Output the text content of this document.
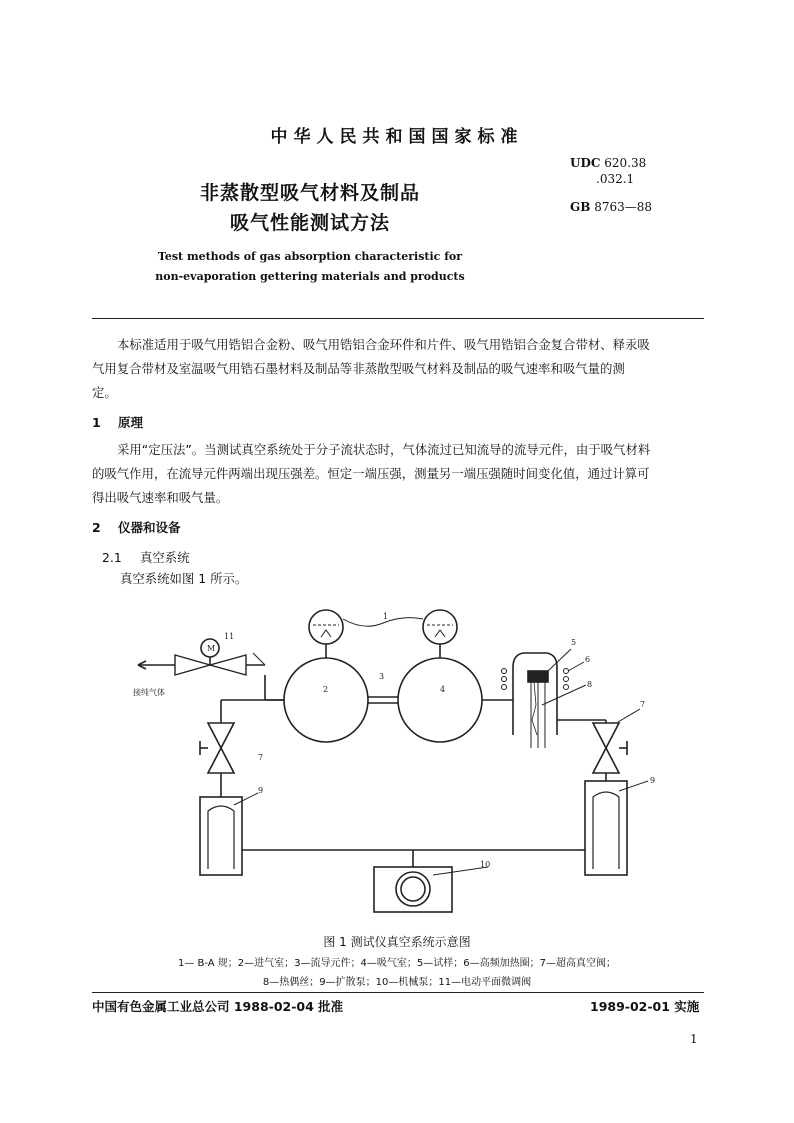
中华人民共和国国家标准
非蒸散型吸气材料及制品
吸气性能测试方法
Test methods of gas absorption characteristic for
non-evaporation gettering materials and products
UDC 620.38
.032.1
GB 8763—88
本标准适用于吸气用锆铝合金粉、吸气用锆铝合金环件和片件、吸气用锆铝合金复合带材、释汞吸
气用复合带材及室温吸气用锆石墨材料及制品等非蒸散型吸气材料及制品的吸气速率和吸气量的测
定。
1 原理
采用“定压法”。当测试真空系统处于分子流状态时，气体流过已知流导的流导元件，由于吸气材料
的吸气作用，在流导元件两端出现压强差。恒定一端压强，测量另一端压强随时间变化值，通过计算可
得出吸气速率和吸气量。
2 仪器和设备
2.1 真空系统
真空系统如图 1 所示。
1
2
3
4
5
6
7
7
8
9
9
10
11
M
接纯气体
图 1 测试仪真空系统示意图
1— B-A 规；2—进气室；3—流导元件；4—吸气室；5—试样；6—高频加热圈；7—超高真空阀；
8—热偶丝；9—扩散泵；10—机械泵；11—电动平面微调阀
中国有色金属工业总公司 1988-02-04 批准	1989-02-01 实施
1
